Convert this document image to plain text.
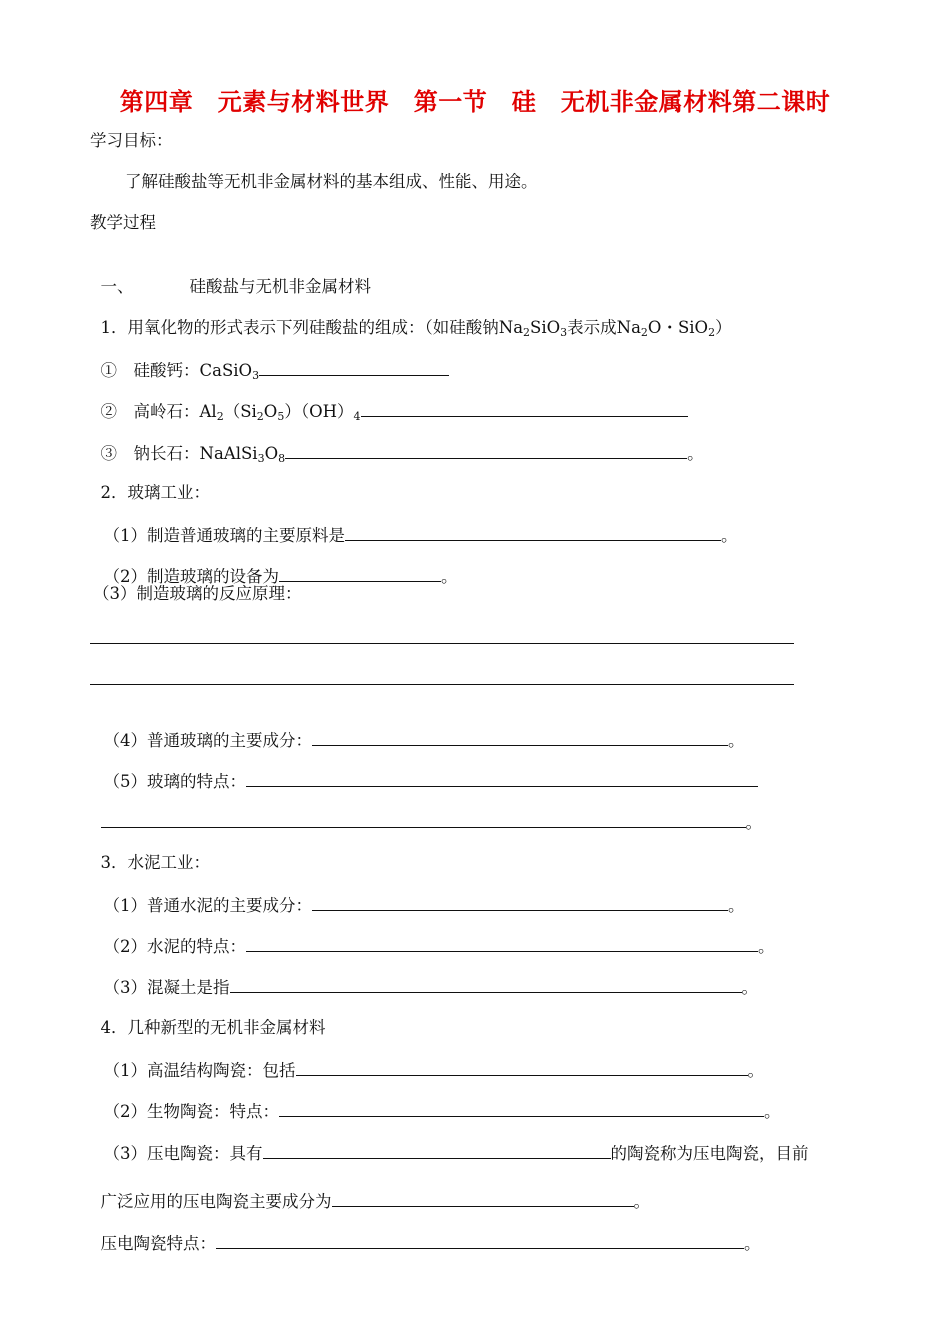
第四章　元素与材料世界　第一节　硅　无机非金属材料第二课时
学习目标：
了解硅酸盐等无机非金属材料的基本组成、性能、用途。
教学过程

一、	硅酸盐与无机非金属材料

1．用氧化物的形式表示下列硅酸盐的组成：（如硅酸钠$Na_2SiO_3$表示成$Na_2O$・SiO$_2$）

①　 硅酸钙：CaSiO$_3$

②　 高岭石：$Al_2(Si_2O_5)(OH)_4$

③　 钠长石：$NaAlSi_3O_8$	。

2．玻璃工业：

（1）制造普通玻璃的主要原料是	。

（2）制造玻璃的设备为	。

（3）制造玻璃的反应原理：

（4）普通玻璃的主要成分：	。

（5）玻璃的特点：

。

3．水泥工业：

（1）普通水泥的主要成分：	。

（2）水泥的特点：	。

（3）混凝土是指	。

4．几种新型的无机非金属材料

（1）高温结构陶瓷：包括	。

（2）生物陶瓷：特点：	。

（3）压电陶瓷：具有	的陶瓷称为压电陶瓷，目前

广泛应用的压电陶瓷主要成分为	。

压电陶瓷特点：	。
